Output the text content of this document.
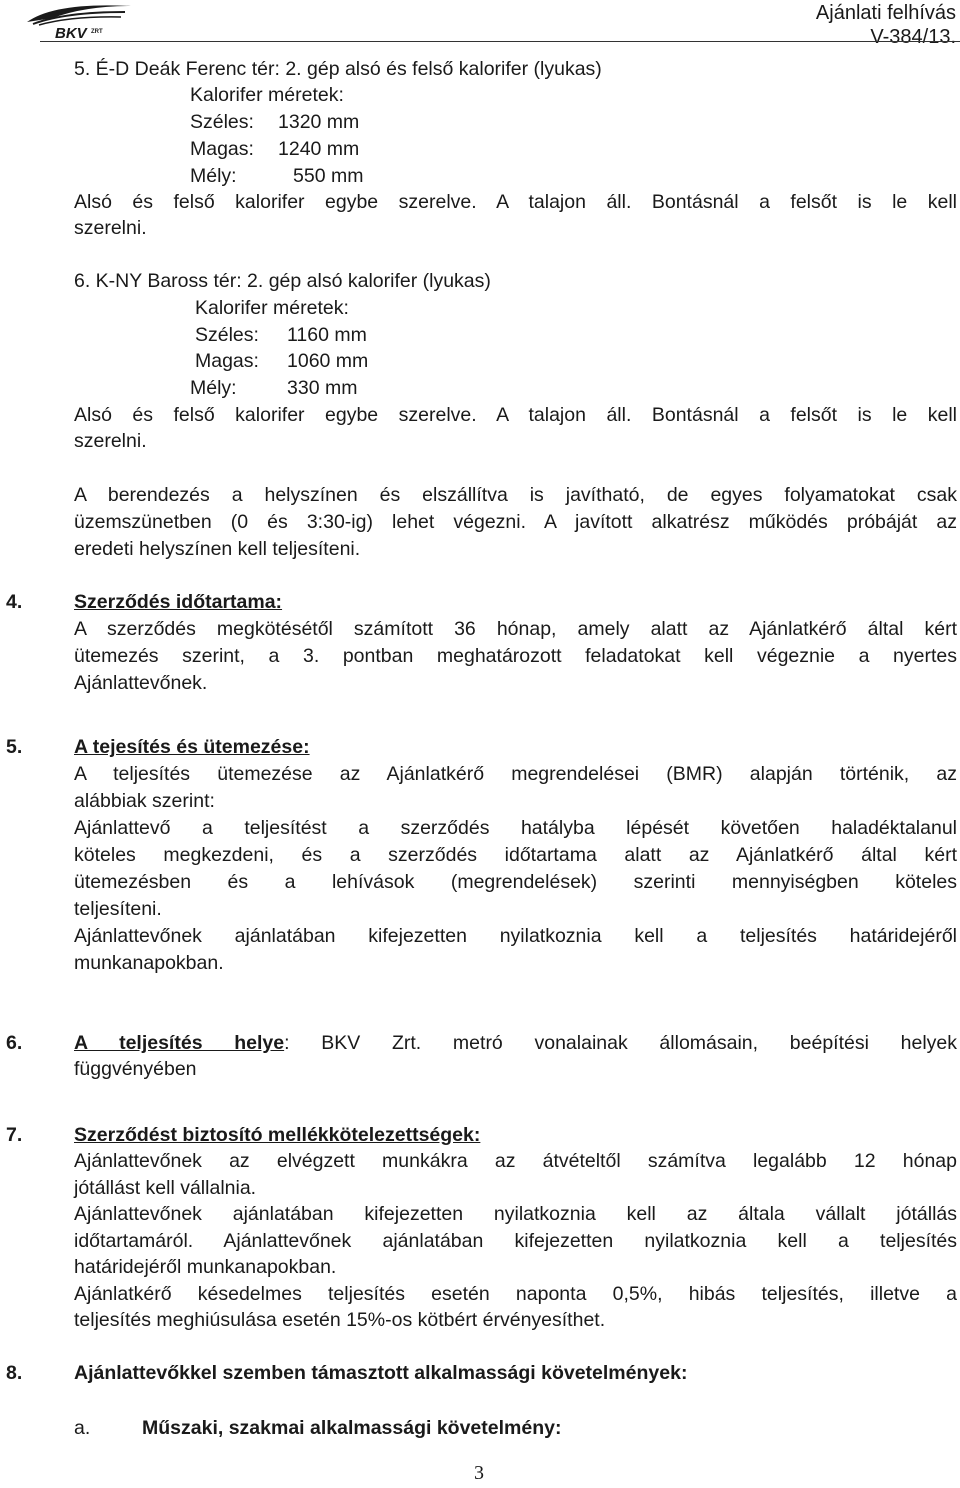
BKV ZRT
Ajánlati felhívás
V-384/13.
5. É-D Deák Ferenc tér: 2. gép alsó és felső kalorifer (lyukas)
Kalorifer méretek:
Széles: 1320 mm
Magas: 1240 mm
Mély:	550 mm
Alsó és felső kalorifer egybe szerelve. A talajon áll. Bontásnál a felsőt is le kell
szerelni.
6. K-NY Baross tér: 2. gép alsó kalorifer (lyukas)
Kalorifer méretek:
Széles: 1160 mm
Magas: 1060 mm
Mély:	330 mm
Alsó és felső kalorifer egybe szerelve. A talajon áll. Bontásnál a felsőt is le kell
szerelni.
A berendezés a helyszínen és elszállítva is javítható, de egyes folyamatokat csak
üzemszünetben (0 és 3:30-ig) lehet végezni. A javított alkatrész működés próbáját az
eredeti helyszínen kell teljesíteni.
4.	Szerződés időtartama:
A szerződés megkötésétől számított 36 hónap, amely alatt az Ajánlatkérő által kért
ütemezés szerint, a 3. pontban meghatározott feladatokat kell végeznie a nyertes
Ajánlattevőnek.
5.	A tejesítés és ütemezése:
A teljesítés ütemezése az Ajánlatkérő megrendelései (BMR) alapján történik, az
alábbiak szerint:
Ajánlattevő a teljesítést a szerződés hatályba lépését követően haladéktalanul
köteles megkezdeni, és a szerződés időtartama alatt az Ajánlatkérő által kért
ütemezésben és a lehívások (megrendelések) szerinti mennyiségben köteles
teljesíteni.
Ajánlattevőnek ajánlatában kifejezetten nyilatkoznia kell a teljesítés határidejéről
munkanapokban.
6.	A teljesítés helye: BKV Zrt. metró vonalainak állomásain, beépítési helyek
függvényében
7.	Szerződést biztosító mellékkötelezettségek:
Ajánlattevőnek az elvégzett munkákra az átvételtől számítva legalább 12 hónap
jótállást kell vállalnia.
Ajánlattevőnek ajánlatában kifejezetten nyilatkoznia kell az általa vállalt jótállás
időtartamáról. Ajánlattevőnek ajánlatában kifejezetten nyilatkoznia kell a teljesítés
határidejéről munkanapokban.
Ajánlatkérő késedelmes teljesítés esetén naponta 0,5%, hibás teljesítés, illetve a
teljesítés meghiúsulása esetén 15%-os kötbért érvényesíthet.
8.	Ajánlattevőkkel szemben támasztott alkalmassági követelmények:
a.	Műszaki, szakmai alkalmassági követelmény:
3
